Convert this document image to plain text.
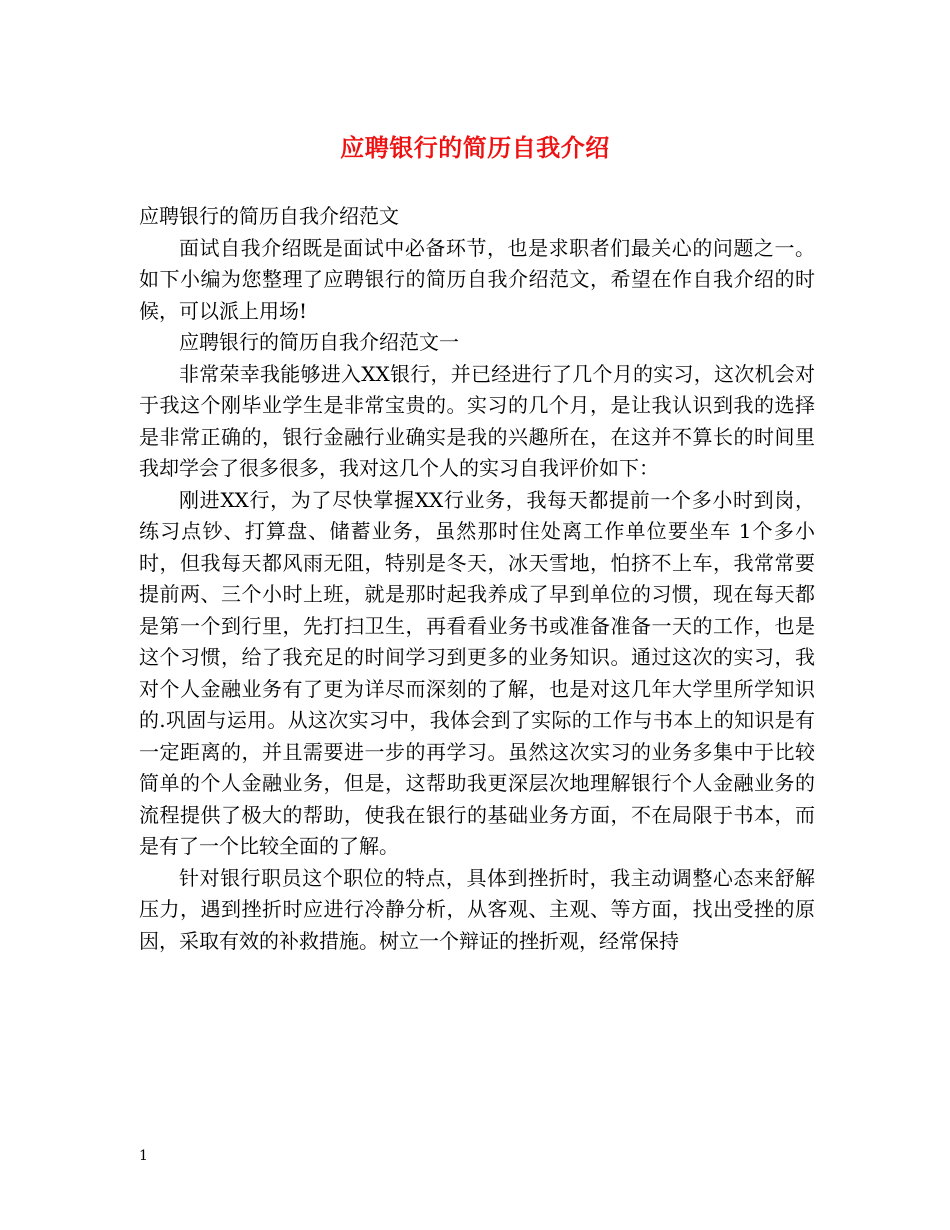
应聘银行的简历自我介绍

应聘银行的简历自我介绍范文

面试自我介绍既是面试中必备环节，也是求职者们最关心的问题之一。如下小编为您整理了应聘银行的简历自我介绍范文，希望在作自我介绍的时候，可以派上用场!

应聘银行的简历自我介绍范文一

非常荣幸我能够进入XX银行，并已经进行了几个月的实习，这次机会对于我这个刚毕业学生是非常宝贵的。实习的几个月，是让我认识到我的选择是非常正确的，银行金融行业确实是我的兴趣所在，在这并不算长的时间里我却学会了很多很多，我对这几个人的实习自我评价如下：

刚进XX行，为了尽快掌握XX行业务，我每天都提前一个多小时到岗，练习点钞、打算盘、储蓄业务，虽然那时住处离工作单位要坐车 1个多小时，但我每天都风雨无阻，特别是冬天，冰天雪地，怕挤不上车，我常常要提前两、三个小时上班，就是那时起我养成了早到单位的习惯，现在每天都是第一个到行里，先打扫卫生，再看看业务书或准备准备一天的工作，也是这个习惯，给了我充足的时间学习到更多的业务知识。通过这次的实习，我对个人金融业务有了更为详尽而深刻的了解，也是对这几年大学里所学知识的.巩固与运用。从这次实习中，我体会到了实际的工作与书本上的知识是有一定距离的，并且需要进一步的再学习。虽然这次实习的业务多集中于比较简单的个人金融业务，但是，这帮助我更深层次地理解银行个人金融业务的流程提供了极大的帮助，使我在银行的基础业务方面，不在局限于书本，而是有了一个比较全面的了解。

针对银行职员这个职位的特点，具体到挫折时，我主动调整心态来舒解压力，遇到挫折时应进行冷静分析，从客观、主观、等方面，找出受挫的原因，采取有效的补救措施。树立一个辩证的挫折观，经常保持

1
